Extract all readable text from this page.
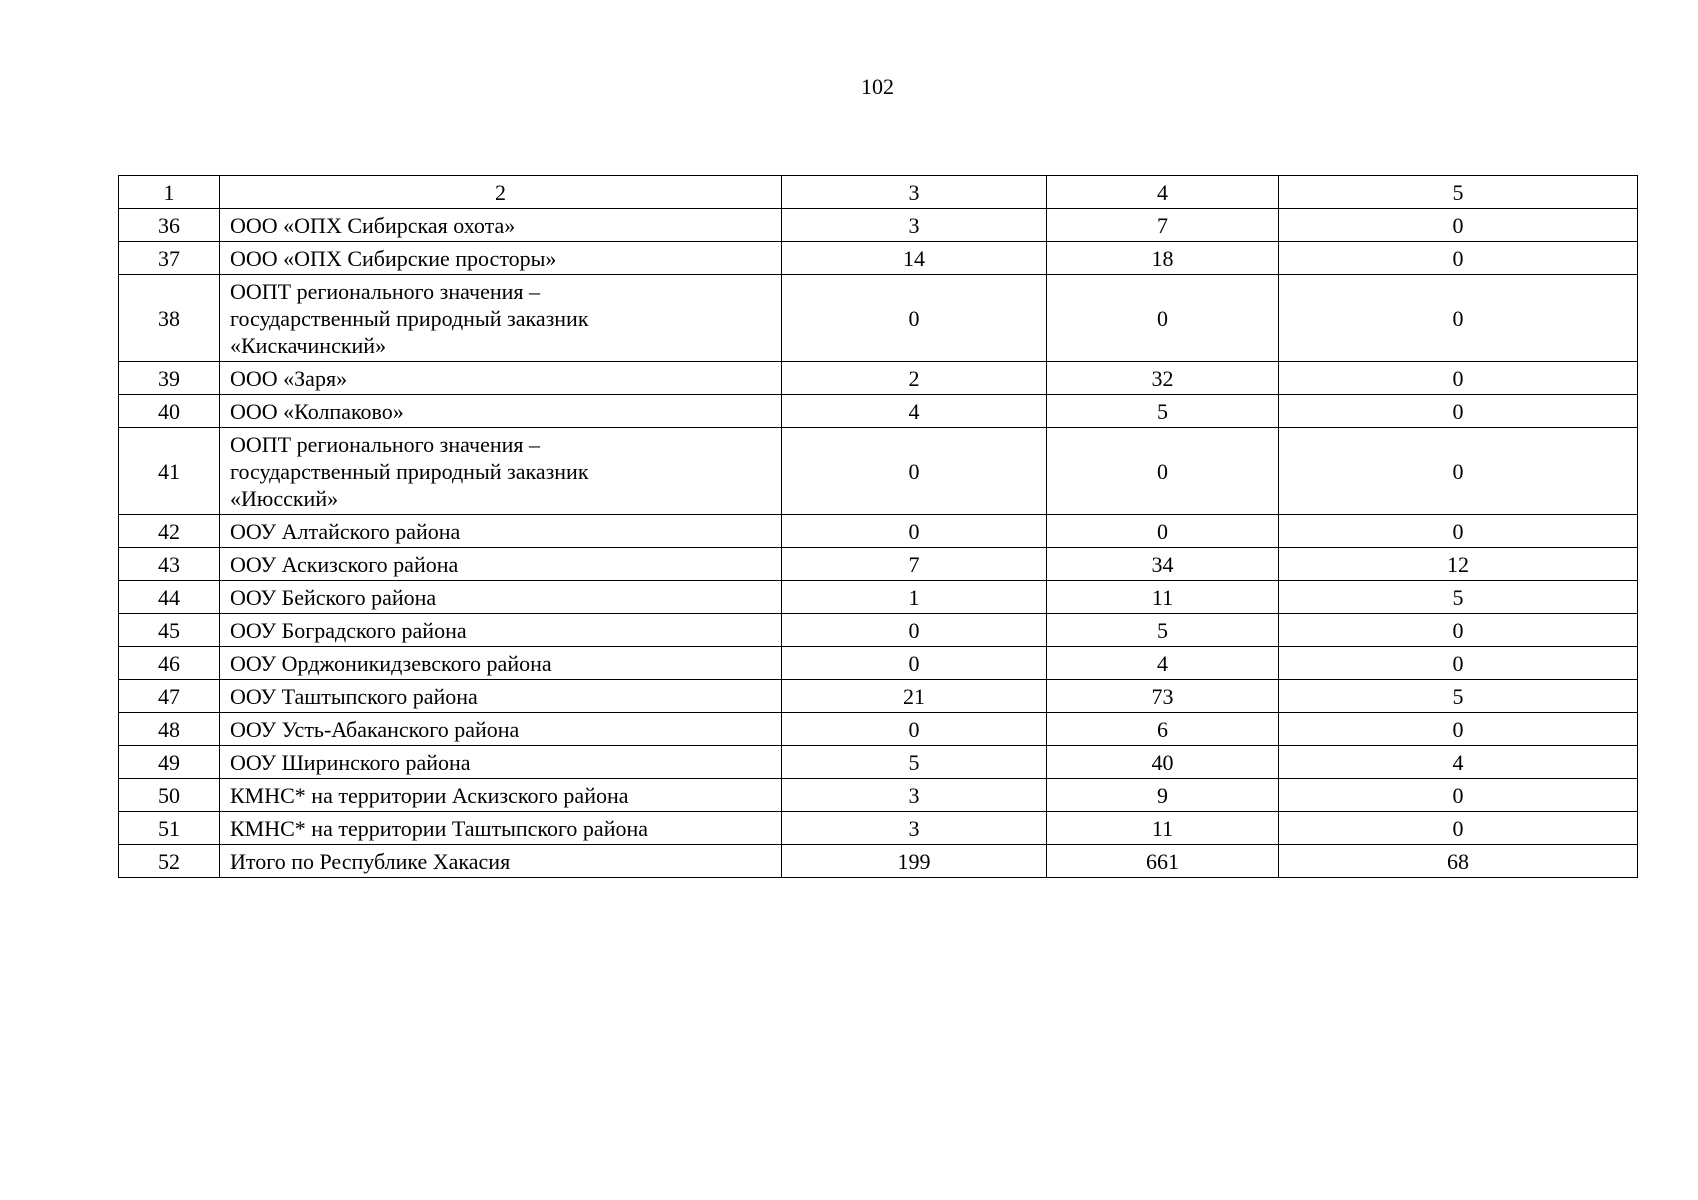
102
1	2	3	4	5
36	ООО «ОПХ Сибирская охота»	3	7	0
37	ООО «ОПХ Сибирские просторы»	14	18	0
38	ООПТ регионального значения –
государственный природный заказник
«Кискачинский»	0	0	0
39	ООО «Заря»	2	32	0
40	ООО «Колпаково»	4	5	0
41	ООПТ регионального значения –
государственный природный заказник
«Июсский»	0	0	0
42	ООУ Алтайского района	0	0	0
43	ООУ Аскизского района	7	34	12
44	ООУ Бейского района	1	11	5
45	ООУ Боградского района	0	5	0
46	ООУ Орджоникидзевского района	0	4	0
47	ООУ Таштыпского района	21	73	5
48	ООУ Усть-Абаканского района	0	6	0
49	ООУ Ширинского района	5	40	4
50	КМНС* на территории Аскизского района	3	9	0
51	КМНС* на территории Таштыпского района	3	11	0
52	Итого по Республике Хакасия	199	661	68
